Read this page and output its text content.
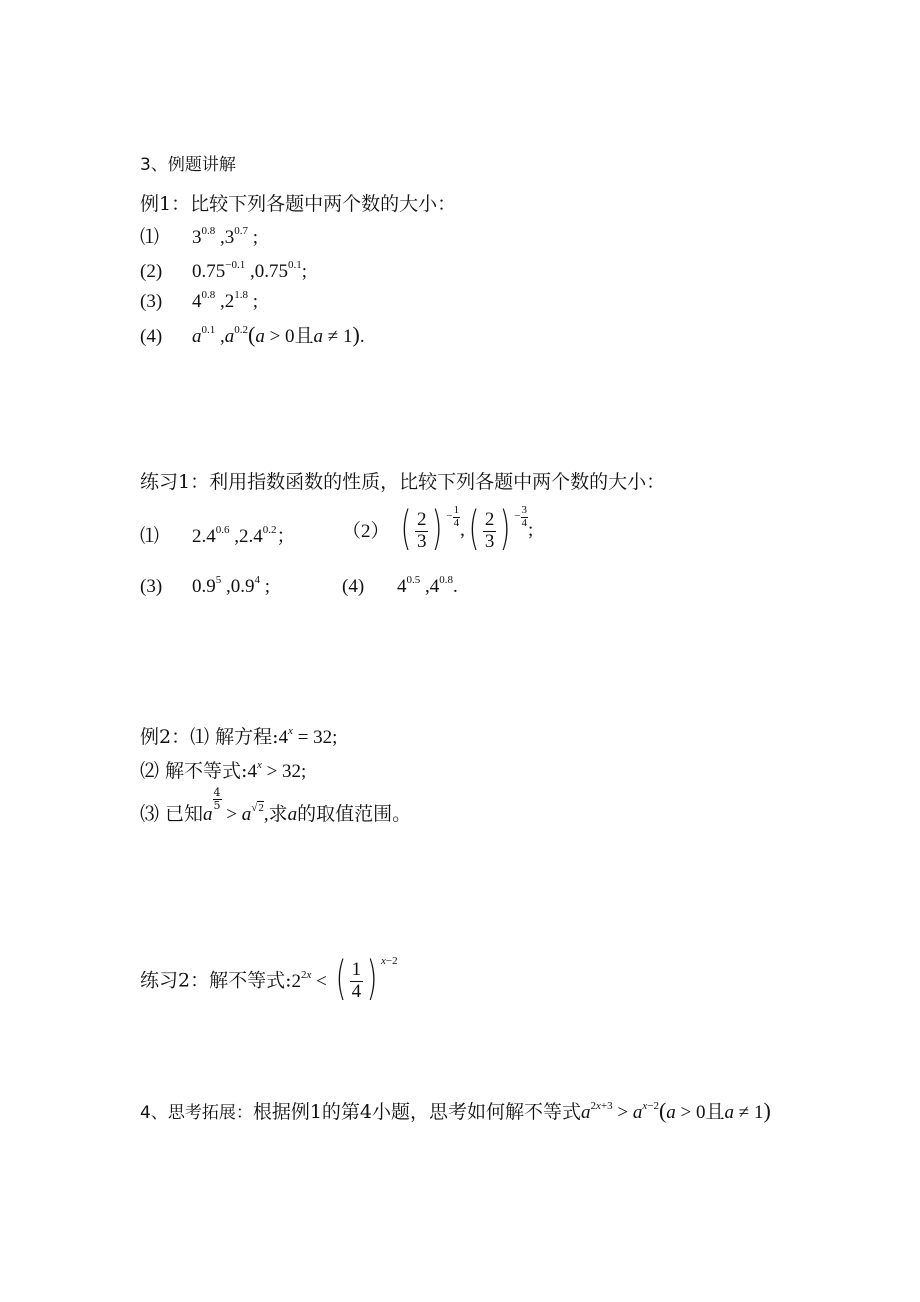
3、例题讲解
例1：比较下列各题中两个数的大小：
⑴ $3^{0.8}$ $,3^{0.7}$ ;
(2) $0.75^{-0.1}$ $,0.75^{0.1}$;
(3) $4^{0.8}$ $,2^{1.8}$ ;
(4) $a^{0.1}$ $,a^{0.2}(a > 0$且a ≠ 1).
练习1：利用指数函数的性质，比较下列各题中两个数的大小：
⑴ $2.4^{0.6}$ $,2.4^{0.2}$； （2） ( $\frac{2}{3}$ ) − $\frac{1}{4}$
,( $\frac{2}{3}$ ) − $\frac{3}{4}$
;
(3) $0.9^5$ ,0.9$^4$ ;	(4) $4^{0.5}$ $,4^{0.8}$.
例2：⑴ 解方程$:4^x = 32$;
⑵ 解不等式$:4^x > 32$;
⑶ 已知a
$\frac{4}{5}$
> $a^{√2}$,求a的取值范围。
练习2：解不等式$:2^{2x}$ < ( $\frac{1}{4}$ ) $^{x-2}$
4、思考拓展：根据例1的第4小题，思考如何解不等式$a^{2x+3} > a^{x-2}(a > 0$且a ≠ 1)
